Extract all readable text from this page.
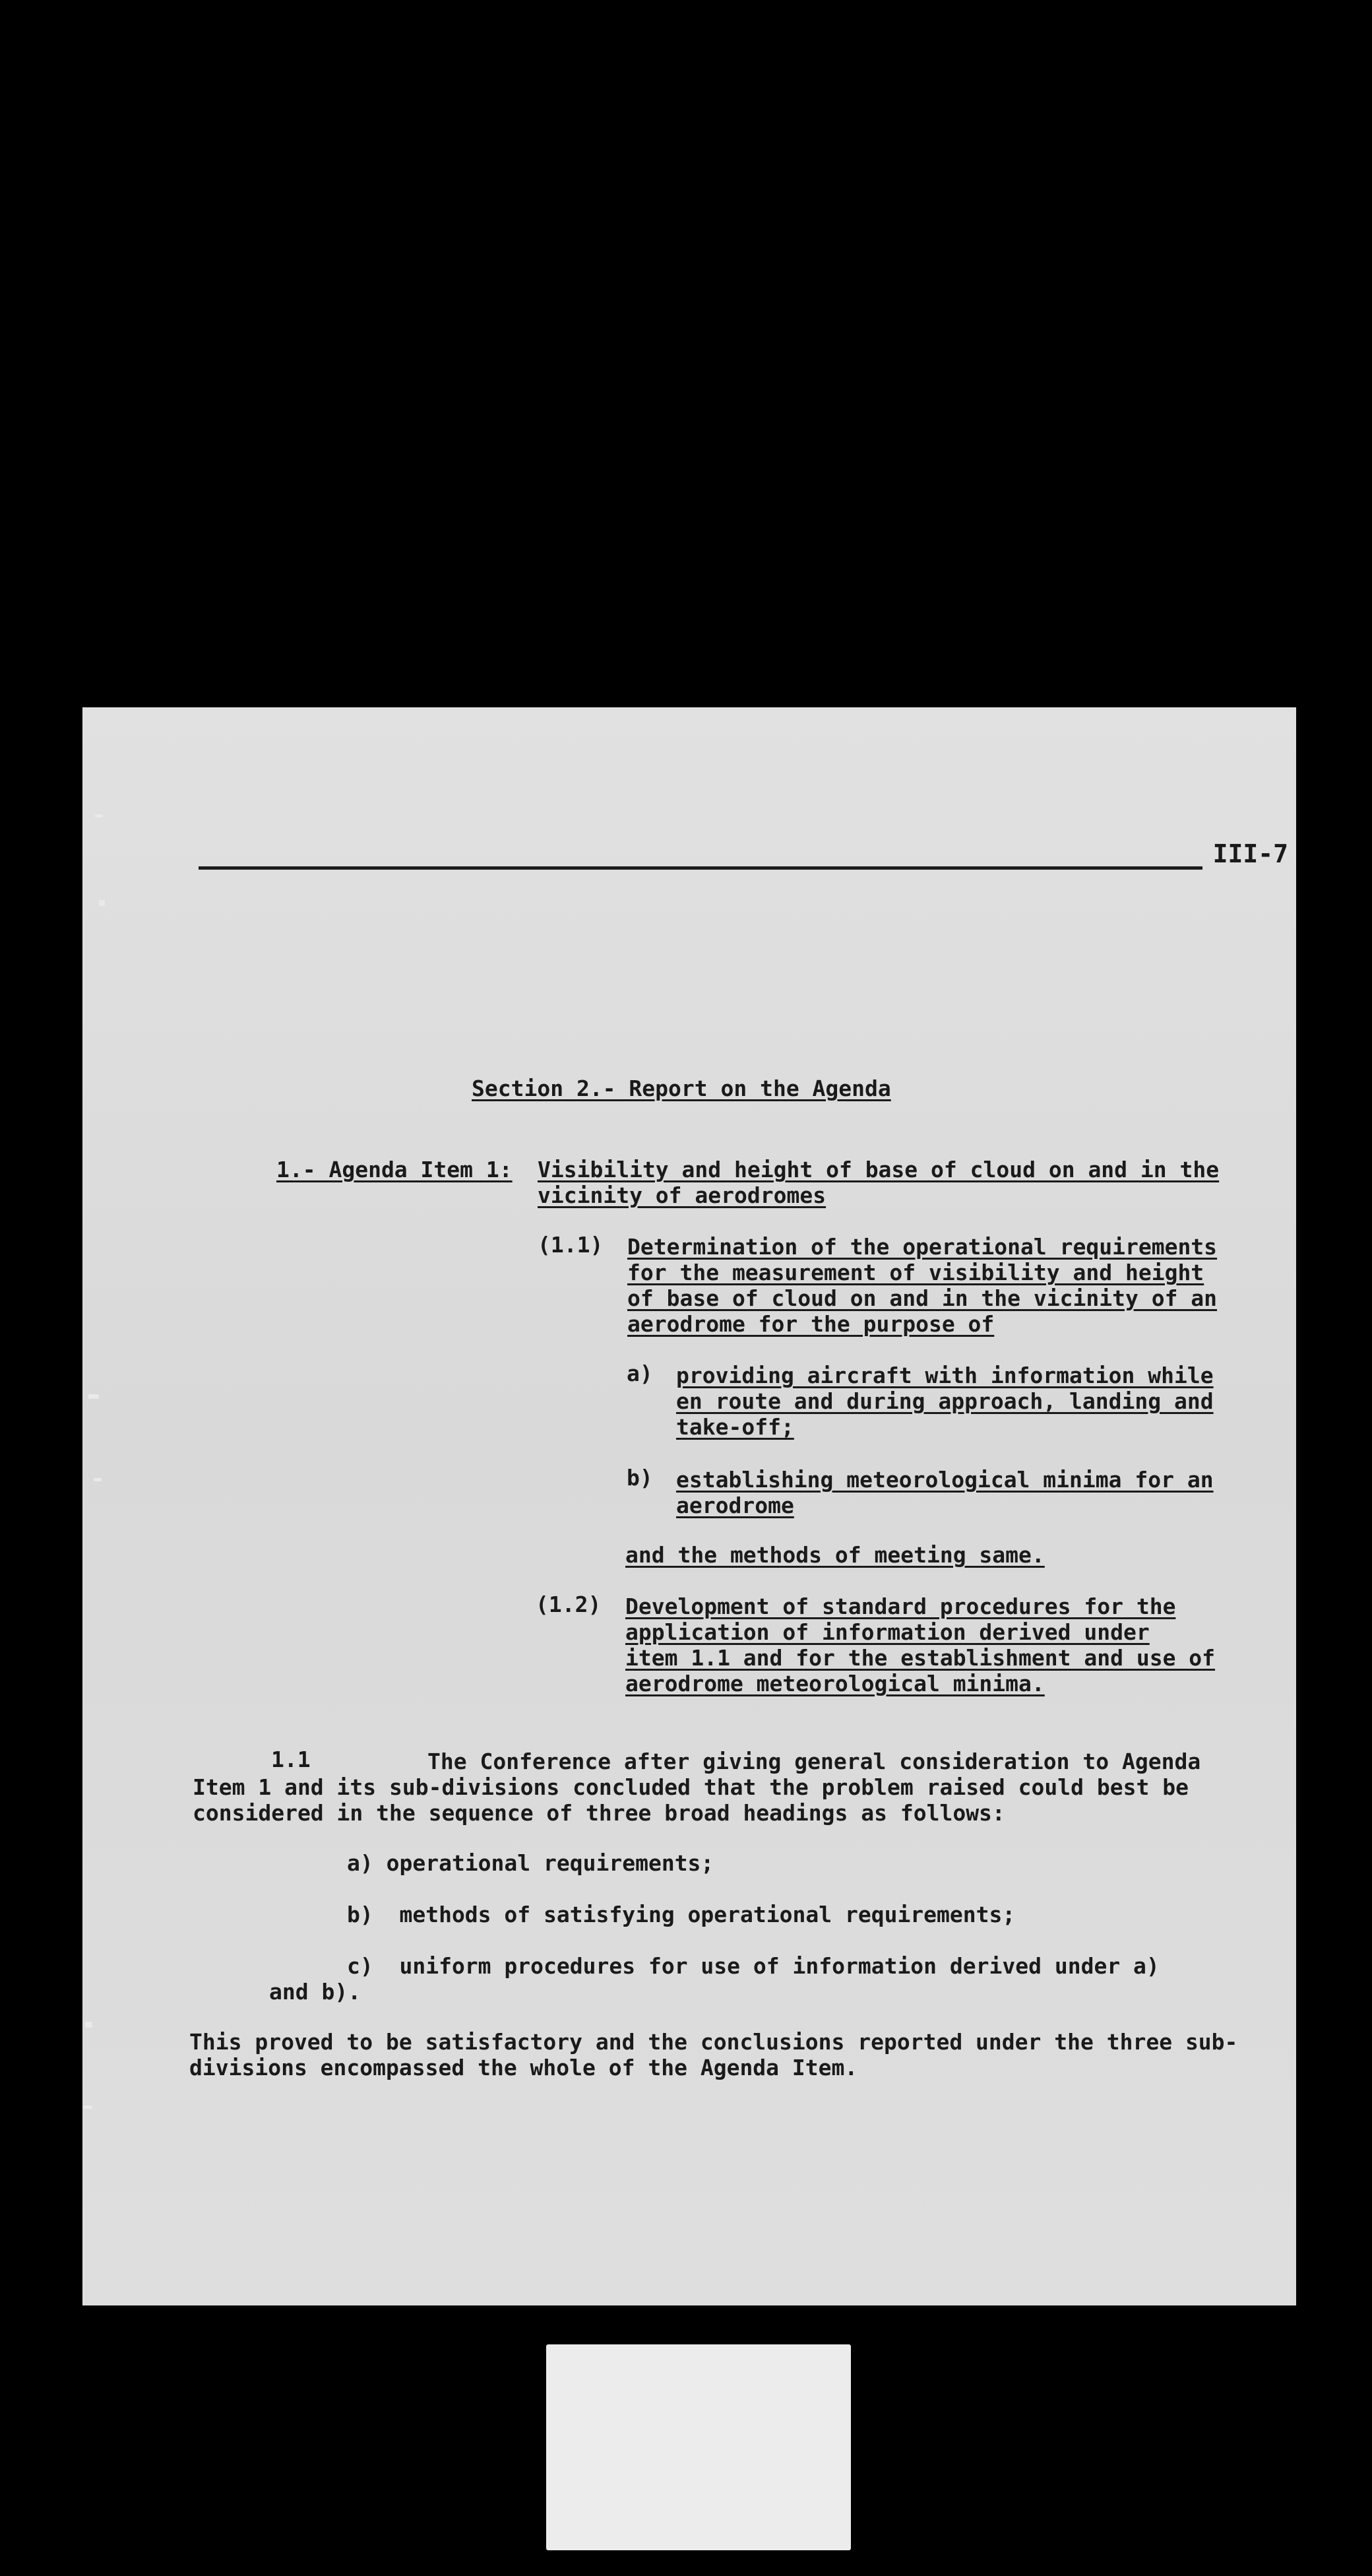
III-7
Section 2.- Report on the Agenda
1.- Agenda Item 1: Visibility and height of base of cloud on and in the
vicinity of aerodromes
(1.1) Determination of the operational requirements
for the measurement of visibility and height
of base of cloud on and in the vicinity of an
aerodrome for the purpose of
a) providing aircraft with information while
en route and during approach, landing and
take-off;
b) establishing meteorological minima for an
aerodrome
and the methods of meeting same.
(1.2) Development of standard procedures for the
application of information derived under
item 1.1 and for the establishment and use of
aerodrome meteorological minima.
1.1	The Conference after giving general consideration to Agenda
Item 1 and its sub-divisions concluded that the problem raised could best be
considered in the sequence of three broad headings as follows:
a) operational requirements;
b)  methods of satisfying operational requirements;
c)  uniform procedures for use of information derived under a)
and b).
This proved to be satisfactory and the conclusions reported under the three sub-
divisions encompassed the whole of the Agenda Item.
